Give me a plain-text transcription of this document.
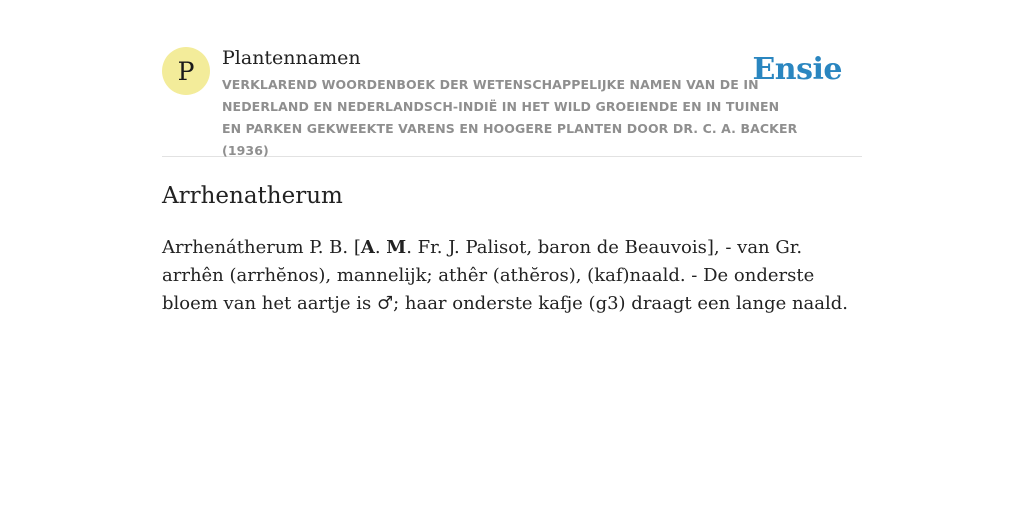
P Plantennamen
VERKLAREND WOORDENBOEK DER WETENSCHAPPELIJKE NAMEN VAN DE IN NEDERLAND EN NEDERLANDSCH-INDIË IN HET WILD GROEIENDE EN IN TUINEN EN PARKEN GEKWEEKTE VARENS EN HOOGERE PLANTEN DOOR DR. C. A. BACKER (1936)
Ensie
Arrhenatherum

Arrhenátherum P. B. [A. M. Fr. J. Palisot, baron de Beauvois], - van Gr. arrhên (arrhĕnos), mannelijk; athêr (athĕros), (kaf)naald. - De onderste bloem van het aartje is ♂; haar onderste kafje (g3) draagt een lange naald.
